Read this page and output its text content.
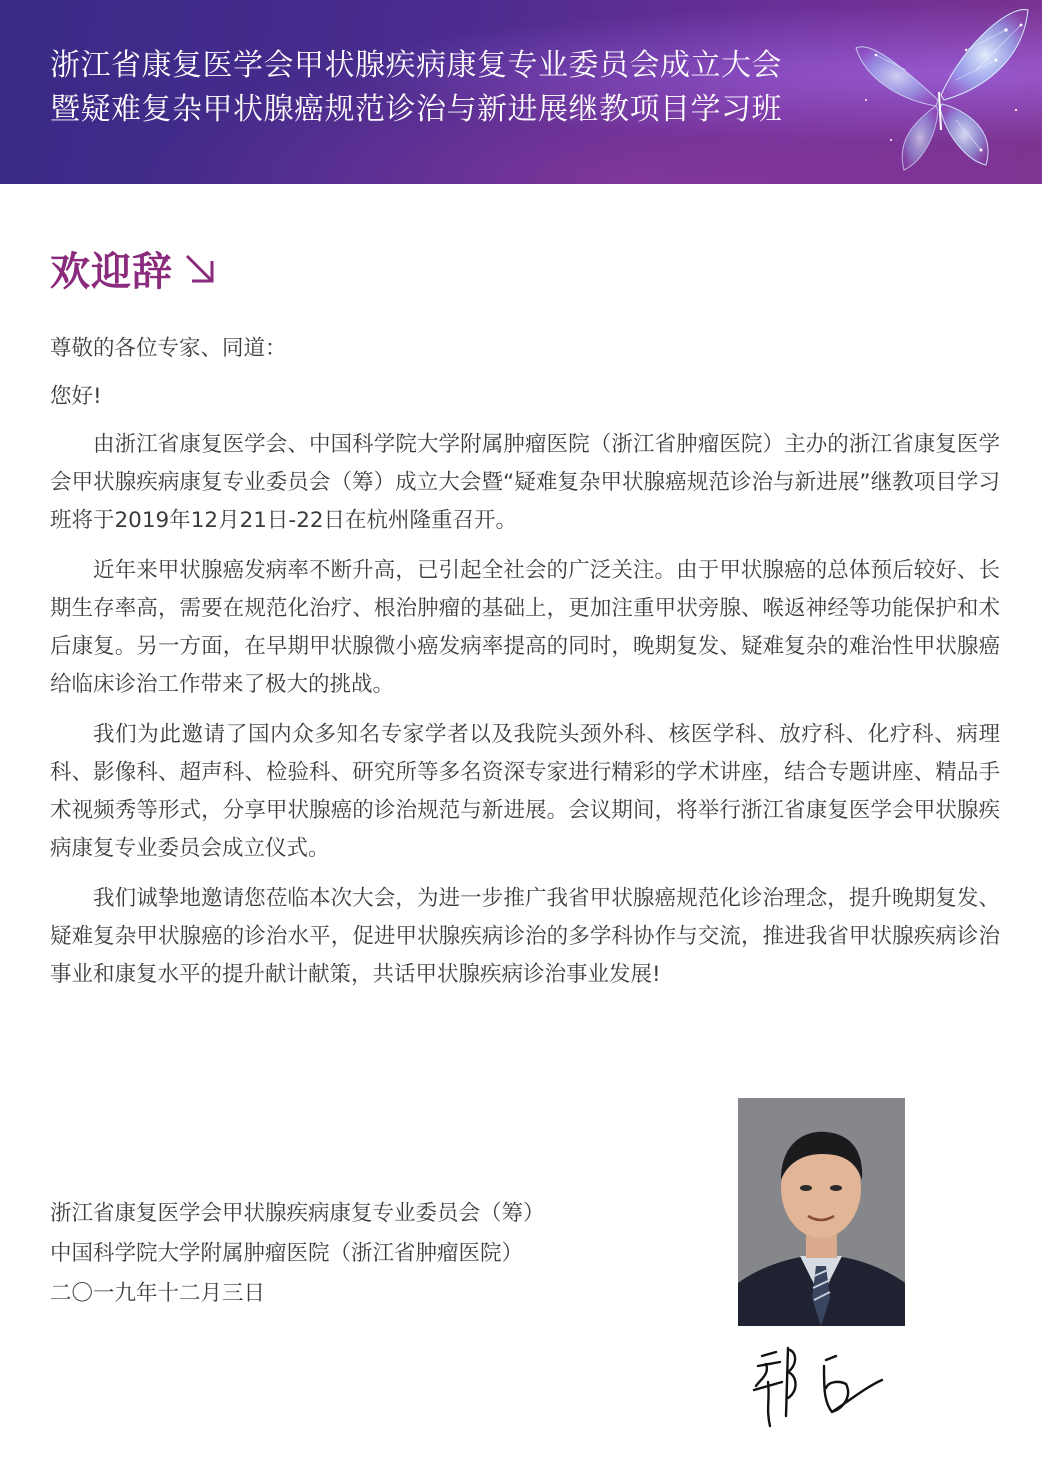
浙江省康复医学会甲状腺疾病康复专业委员会成立大会
暨疑难复杂甲状腺癌规范诊治与新进展继教项目学习班
欢迎辞

尊敬的各位专家、同道：

您好!

由浙江省康复医学会、中国科学院大学附属肿瘤医院（浙江省肿瘤医院）主办的浙江省康复医学会甲状腺疾病康复专业委员会（筹）成立大会暨“疑难复杂甲状腺癌规范诊治与新进展”继教项目学习班将于2019年12月21日-22日在杭州隆重召开。

近年来甲状腺癌发病率不断升高，已引起全社会的广泛关注。由于甲状腺癌的总体预后较好、长期生存率高，需要在规范化治疗、根治肿瘤的基础上，更加注重甲状旁腺、喉返神经等功能保护和术后康复。另一方面，在早期甲状腺微小癌发病率提高的同时，晚期复发、疑难复杂的难治性甲状腺癌给临床诊治工作带来了极大的挑战。

我们为此邀请了国内众多知名专家学者以及我院头颈外科、核医学科、放疗科、化疗科、病理科、影像科、超声科、检验科、研究所等多名资深专家进行精彩的学术讲座，结合专题讲座、精品手术视频秀等形式，分享甲状腺癌的诊治规范与新进展。会议期间，将举行浙江省康复医学会甲状腺疾病康复专业委员会成立仪式。

我们诚挚地邀请您莅临本次大会，为进一步推广我省甲状腺癌规范化诊治理念，提升晚期复发、疑难复杂甲状腺癌的诊治水平，促进甲状腺疾病诊治的多学科协作与交流，推进我省甲状腺疾病诊治事业和康复水平的提升献计献策，共话甲状腺疾病诊治事业发展!

浙江省康复医学会甲状腺疾病康复专业委员会（筹）
中国科学院大学附属肿瘤医院（浙江省肿瘤医院）
二〇一九年十二月三日
